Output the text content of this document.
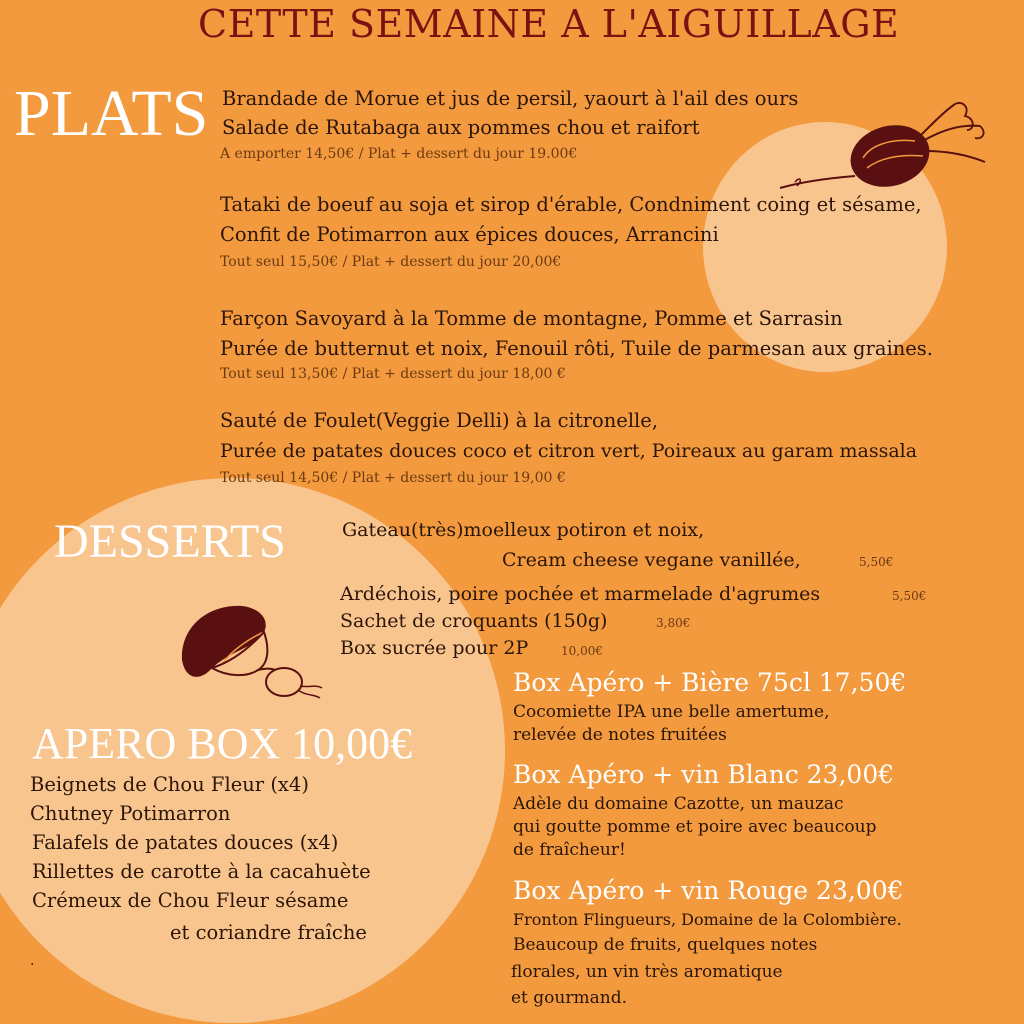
CETTE SEMAINE A L'AIGUILLAGE
PLATS Brandade de Morue et jus de persil, yaourt à l'ail des ours
Salade de Rutabaga aux pommes chou et raifort
A emporter 14,50€ / Plat + dessert du jour 19.00€
Tataki de boeuf au soja et sirop d'érable, Condniment coing et sésame,
Confit de Potimarron aux épices douces, Arrancini
Tout seul 15,50€ / Plat + dessert du jour 20,00€
Farçon Savoyard à la Tomme de montagne, Pomme et Sarrasin
Purée de butternut et noix, Fenouil rôti, Tuile de parmesan aux graines.
Tout seul 13,50€ / Plat + dessert du jour 18,00 €
Sauté de Foulet(Veggie Delli) à la citronelle,
Purée de patates douces coco et citron vert, Poireaux au garam massala
Tout seul 14,50€ / Plat + dessert du jour 19,00 €
DESSERTS	Gateau(très)moelleux potiron et noix,
Cream cheese vegane vanillée,	5,50€
Ardéchois, poire pochée et marmelade d'agrumes	5,50€
Sachet de croquants (150g)	3,80€
Box sucrée pour 2P	10,00€
APERO BOX 10,00€
Beignets de Chou Fleur (x4)
Chutney Potimarron
Falafels de patates douces (x4)
Rillettes de carotte à la cacahuète
Crémeux de Chou Fleur sésame
et coriandre fraîche
.
Box Apéro + Bière 75cl 17,50€
Cocomiette IPA une belle amertume,
relevée de notes fruitées
Box Apéro + vin Blanc 23,00€
Adèle du domaine Cazotte, un mauzac
qui goutte pomme et poire avec beaucoup
de fraîcheur!
Box Apéro + vin Rouge 23,00€
Fronton Flingueurs, Domaine de la Colombière.
Beaucoup de fruits, quelques notes
florales, un vin très aromatique
et gourmand.
